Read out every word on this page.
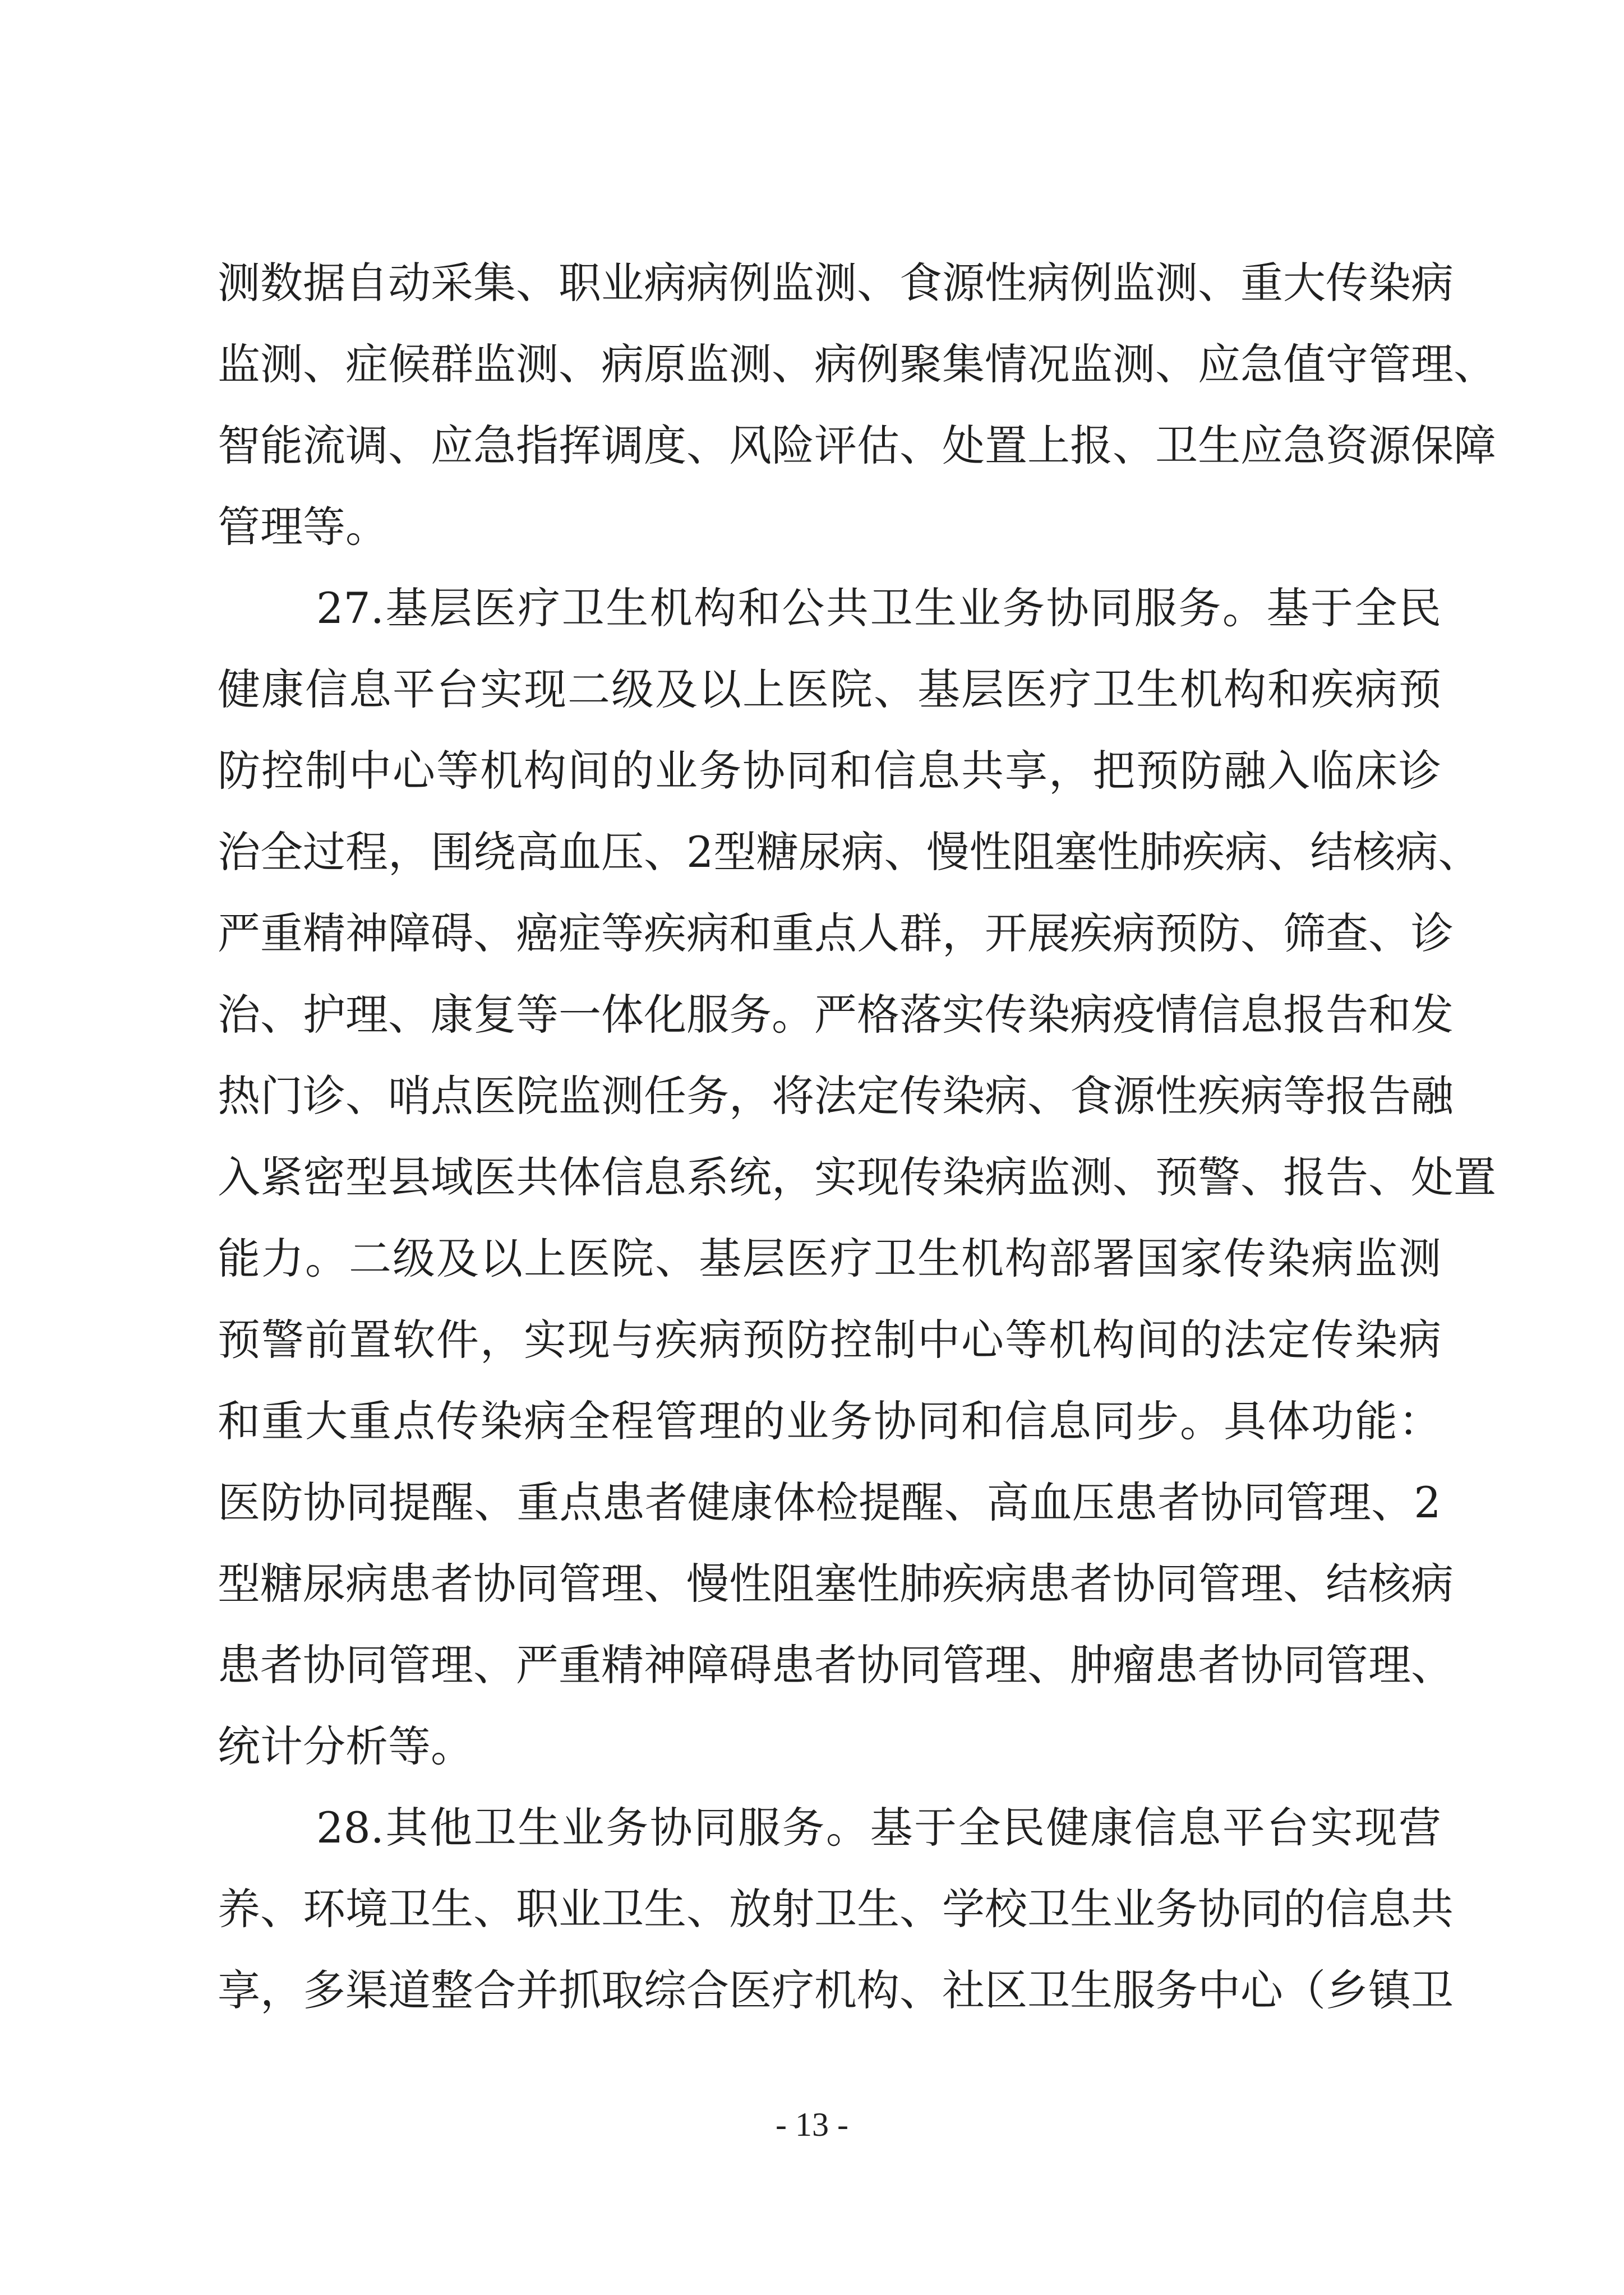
测 数 据 自 动 采 集 、 职 业 病 病 例 监 测 、 食 源 性 病 例 监 测 、 重 大 传 染 病
监 测 、 症 候 群 监 测 、 病 原 监 测 、 病 例 聚 集 情 况 监 测 、 应 急 值 守 管 理 、
智 能 流 调 、 应 急 指 挥 调 度 、 风 险 评 估 、 处 置 上 报 、 卫 生 应 急 资 源 保 障
管理等。
27. 基 层 医 疗 卫 生 机 构 和 公 共 卫 生 业 务 协 同 服 务 。 基 于 全 民
健 康 信 息 平 台 实 现 二 级 及 以 上 医 院 、 基 层 医 疗 卫 生 机 构 和 疾 病 预
防 控 制 中 心 等 机 构 间 的 业 务 协 同 和 信 息 共 享 ， 把 预 防 融 入 临 床 诊
治 全 过 程 ， 围 绕 高 血 压 、 2 型 糖 尿 病 、 慢 性 阻 塞 性 肺 疾 病 、 结 核 病 、
严 重 精 神 障 碍 、 癌 症 等 疾 病 和 重 点 人 群 ， 开 展 疾 病 预 防 、 筛 查 、 诊
治 、 护 理 、 康 复 等 一 体 化 服 务 。 严 格 落 实 传 染 病 疫 情 信 息 报 告 和 发
热 门 诊 、 哨 点 医 院 监 测 任 务 ， 将 法 定 传 染 病 、 食 源 性 疾 病 等 报 告 融
入 紧 密 型 县 域 医 共 体 信 息 系 统 ， 实 现 传 染 病 监 测 、 预 警 、 报 告 、 处 置
能 力 。 二 级 及 以 上 医 院 、 基 层 医 疗 卫 生 机 构 部 署 国 家 传 染 病 监 测
预 警 前 置 软 件 ， 实 现 与 疾 病 预 防 控 制 中 心 等 机 构 间 的 法 定 传 染 病
和 重 大 重 点 传 染 病 全 程 管 理 的 业 务 协 同 和 信 息 同 步 。 具 体 功 能 ：
医 防 协 同 提 醒 、 重 点 患 者 健 康 体 检 提 醒 、 高 血 压 患 者 协 同 管 理 、 2
型 糖 尿 病 患 者 协 同 管 理 、 慢 性 阻 塞 性 肺 疾 病 患 者 协 同 管 理 、 结 核 病
患 者 协 同 管 理 、 严 重 精 神 障 碍 患 者 协 同 管 理 、 肿 瘤 患 者 协 同 管 理 、
统计分析等。
28. 其 他 卫 生 业 务 协 同 服 务 。 基 于 全 民 健 康 信 息 平 台 实 现 营
养 、 环 境 卫 生 、 职 业 卫 生 、 放 射 卫 生 、 学 校 卫 生 业 务 协 同 的 信 息 共
享 ， 多 渠 道 整 合 并 抓 取 综 合 医 疗 机 构 、 社 区 卫 生 服 务 中 心 （ 乡 镇 卫
- 13 -
